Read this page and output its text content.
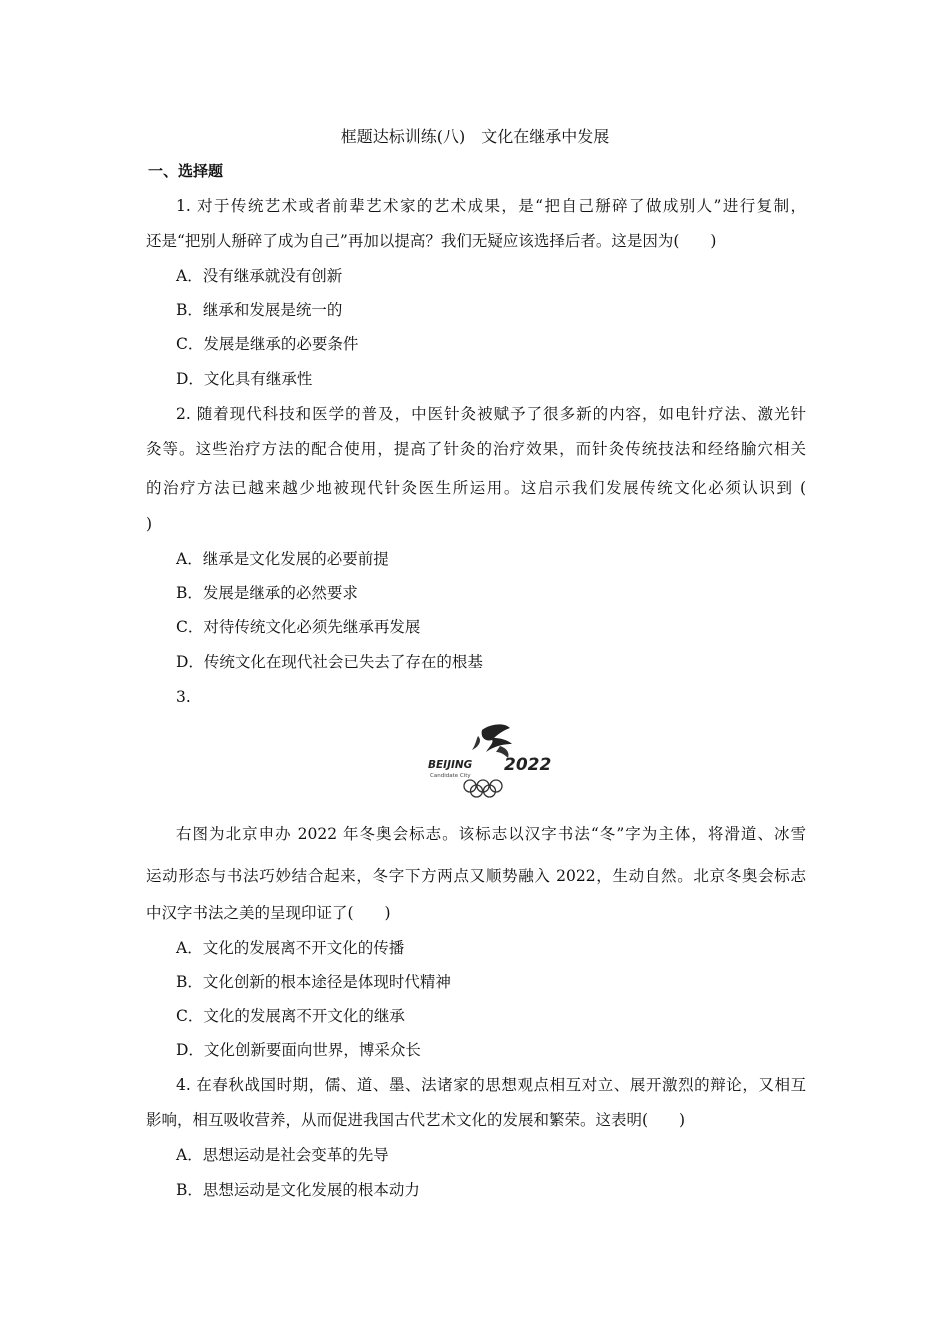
框题达标训练(八)　文化在继承中发展
一、选择题
1. 对于传统艺术或者前辈艺术家的艺术成果，是“把自己掰碎了做成别人”进行复制，
还是“把别人掰碎了成为自己”再加以提高？我们无疑应该选择后者。这是因为(　　)
A．没有继承就没有创新
B．继承和发展是统一的
C．发展是继承的必要条件
D．文化具有继承性
2. 随着现代科技和医学的普及，中医针灸被赋予了很多新的内容，如电针疗法、激光针
灸等。这些治疗方法的配合使用，提高了针灸的治疗效果，而针灸传统技法和经络腧穴相关
的治疗方法已越来越少地被现代针灸医生所运用。这启示我们发展传统文化必须认识到 (
)
A．继承是文化发展的必要前提
B．发展是继承的必然要求
C．对待传统文化必须先继承再发展
D．传统文化在现代社会已失去了存在的根基
3.
BEIJING
Candidate City
2022
右图为北京申办 2022 年冬奥会标志。该标志以汉字书法“冬”字为主体，将滑道、冰雪
运动形态与书法巧妙结合起来，冬字下方两点又顺势融入 2022，生动自然。北京冬奥会标志
中汉字书法之美的呈现印证了(　　)
A．文化的发展离不开文化的传播
B．文化创新的根本途径是体现时代精神
C．文化的发展离不开文化的继承
D．文化创新要面向世界，博采众长
4. 在春秋战国时期，儒、道、墨、法诸家的思想观点相互对立、展开激烈的辩论，又相互
影响，相互吸收营养，从而促进我国古代艺术文化的发展和繁荣。这表明(　　)
A．思想运动是社会变革的先导
B．思想运动是文化发展的根本动力
